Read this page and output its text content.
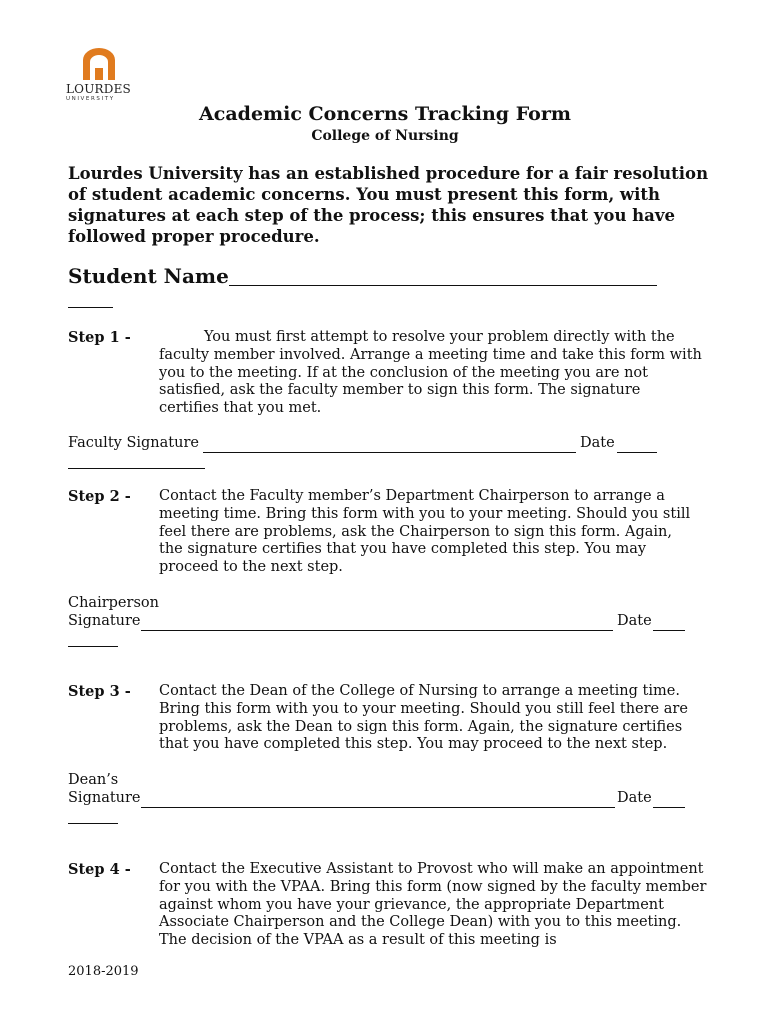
LOURDES
UNIVERSITY
Academic Concerns Tracking Form
College of Nursing
Lourdes University has an established procedure for a fair resolution of student academic concerns. You must present this form, with signatures at each step of the process; this ensures that you have followed proper procedure.
Student Name
Step 1 -	You must first attempt to resolve your problem directly with the faculty member involved. Arrange a meeting time and take this form with you to the meeting. If at the conclusion of the meeting you are not satisfied, ask the faculty member to sign this form. The signature certifies that you met.
Faculty Signature	Date
Step 2 - Contact the Faculty member’s Department Chairperson to arrange a meeting time. Bring this form with you to your meeting. Should you still feel there are problems, ask the Chairperson to sign this form. Again, the signature certifies that you have completed this step. You may proceed to the next step.
Chairperson
Signature	Date
Step 3 - Contact the Dean of the College of Nursing to arrange a meeting time. Bring this form with you to your meeting. Should you still feel there are problems, ask the Dean to sign this form. Again, the signature certifies that you have completed this step. You may proceed to the next step.
Dean’s
Signature	Date
Step 4 - Contact the Executive Assistant to Provost who will make an appointment for you with the VPAA. Bring this form (now signed by the faculty member against whom you have your grievance, the appropriate Department Associate Chairperson and the College Dean) with you to this meeting. The decision of the VPAA as a result of this meeting is
2018-2019
